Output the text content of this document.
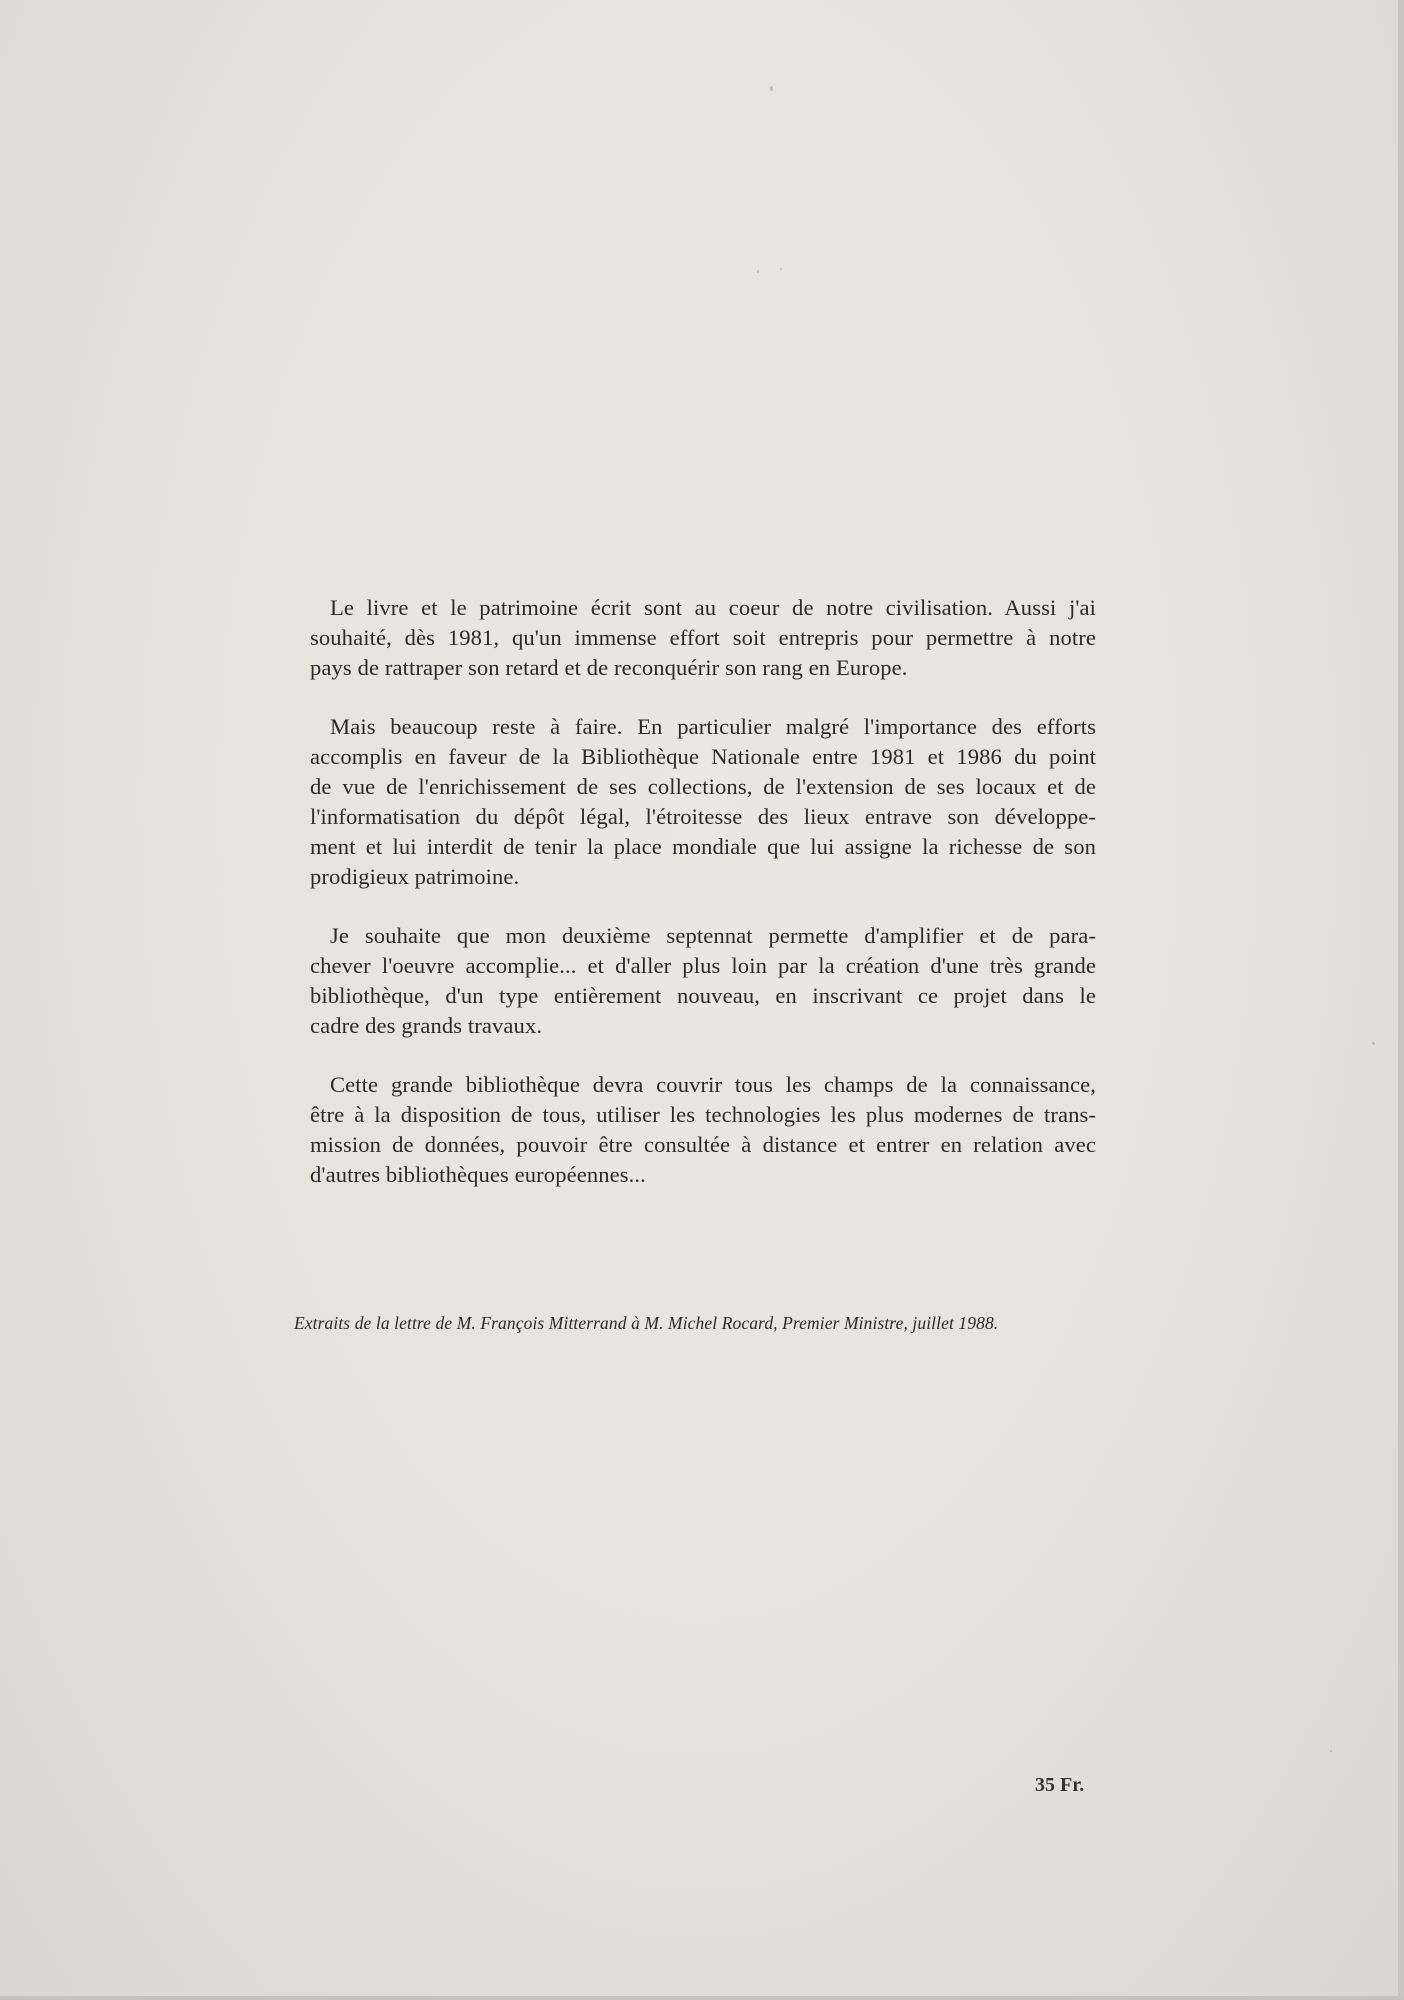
Le livre et le patrimoine écrit sont au coeur de notre civilisation. Aussi j'ai
souhaité, dès 1981, qu'un immense effort soit entrepris pour permettre à notre
pays de rattraper son retard et de reconquérir son rang en Europe.
Mais beaucoup reste à faire. En particulier malgré l'importance des efforts
accomplis en faveur de la Bibliothèque Nationale entre 1981 et 1986 du point
de vue de l'enrichissement de ses collections, de l'extension de ses locaux et de
l'informatisation du dépôt légal, l'étroitesse des lieux entrave son développe-
ment et lui interdit de tenir la place mondiale que lui assigne la richesse de son
prodigieux patrimoine.
Je souhaite que mon deuxième septennat permette d'amplifier et de para-
chever l'oeuvre accomplie... et d'aller plus loin par la création d'une très grande
bibliothèque, d'un type entièrement nouveau, en inscrivant ce projet dans le
cadre des grands travaux.
Cette grande bibliothèque devra couvrir tous les champs de la connaissance,
être à la disposition de tous, utiliser les technologies les plus modernes de trans-
mission de données, pouvoir être consultée à distance et entrer en relation avec
d'autres bibliothèques européennes...
Extraits de la lettre de M. François Mitterrand à M. Michel Rocard, Premier Ministre, juillet 1988.
35 Fr.
